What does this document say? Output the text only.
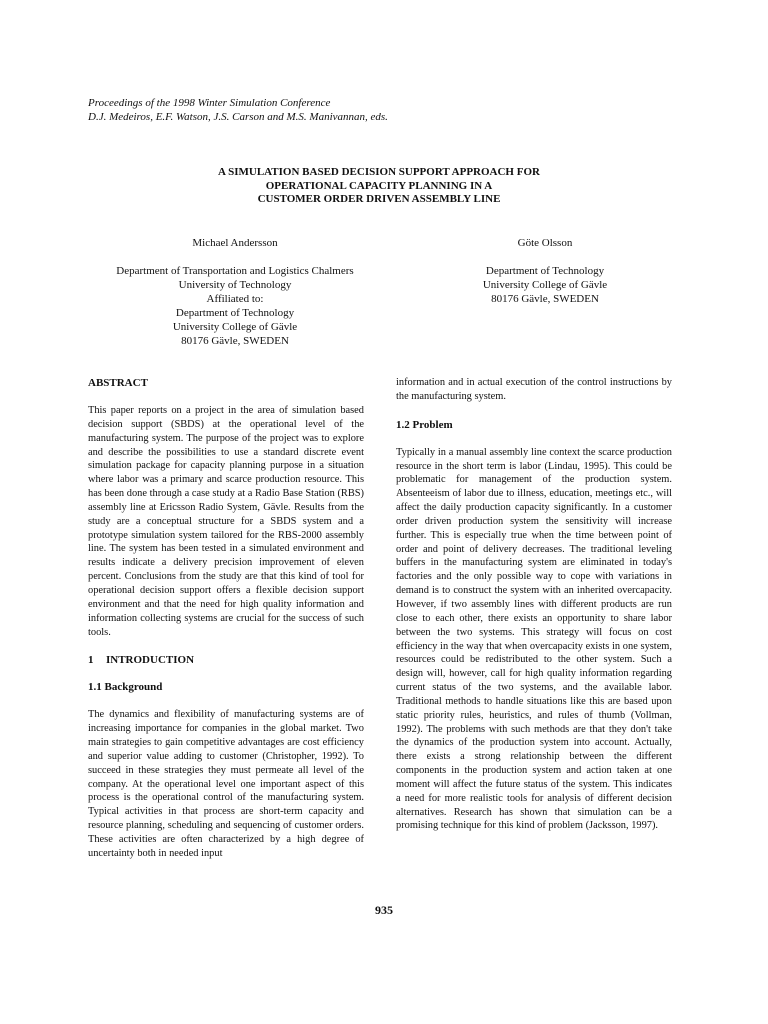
Proceedings of the 1998 Winter Simulation Conference
D.J. Medeiros, E.F. Watson, J.S. Carson and M.S. Manivannan, eds.
A SIMULATION BASED DECISION SUPPORT APPROACH FOR
OPERATIONAL CAPACITY PLANNING IN A
CUSTOMER ORDER DRIVEN ASSEMBLY LINE
Michael Andersson
Department of Transportation and Logistics Chalmers
University of Technology
Affiliated to:
Department of Technology
University College of Gävle
80176 Gävle, SWEDEN
Göte Olsson
Department of Technology
University College of Gävle
80176 Gävle, SWEDEN
ABSTRACT

This paper reports on a project in the area of simulation based decision support (SBDS) at the operational level of the manufacturing system. The purpose of the project was to explore and describe the possibilities to use a standard discrete event simulation package for capacity planning purpose in a situation where labor was a primary and scarce production resource. This has been done through a case study at a Radio Base Station (RBS) assembly line at Ericsson Radio System, Gävle. Results from the study are a conceptual structure for a SBDS system and a prototype simulation system tailored for the RBS-2000 assembly line. The system has been tested in a simulated environment and results indicate a delivery precision improvement of eleven percent. Conclusions from the study are that this kind of tool for operational decision support offers a flexible decision support environment and that the need for high quality information and information collecting systems are crucial for the success of such tools.

1 INTRODUCTION
1.1 Background

The dynamics and flexibility of manufacturing systems are of increasing importance for companies in the global market. Two main strategies to gain competitive advantages are cost efficiency and superior value adding to customer (Christopher, 1992). To succeed in these strategies they must permeate all level of the company. At the operational level one important aspect of this process is the operational control of the manufacturing system. Typical activities in that process are short-term capacity and resource planning, scheduling and sequencing of customer orders. These activities are often characterized by a high degree of uncertainty both in needed input

information and in actual execution of the control instructions by the manufacturing system.

1.2 Problem

Typically in a manual assembly line context the scarce production resource in the short term is labor (Lindau, 1995). This could be problematic for management of the production system. Absenteeism of labor due to illness, education, meetings etc., will affect the daily production capacity significantly. In a customer order driven production system the sensitivity will increase further. This is especially true when the time between point of order and point of delivery decreases. The traditional leveling buffers in the manufacturing system are eliminated in today's factories and the only possible way to cope with variations in demand is to construct the system with an inherited overcapacity. However, if two assembly lines with different products are run close to each other, there exists an opportunity to share labor between the two systems. This strategy will focus on cost efficiency in the way that when overcapacity exists in one system, resources could be redistributed to the other system. Such a design will, however, call for high quality information regarding current status of the two systems, and the available labor. Traditional methods to handle situations like this are based upon static priority rules, heuristics, and rules of thumb (Vollman, 1992). The problems with such methods are that they don't take the dynamics of the production system into account. Actually, there exists a strong relationship between the different components in the production system and action taken at one moment will affect the future status of the system. This indicates a need for more realistic tools for analysis of different decision alternatives. Research has shown that simulation can be a promising technique for this kind of problem (Jacksson, 1997).

935
